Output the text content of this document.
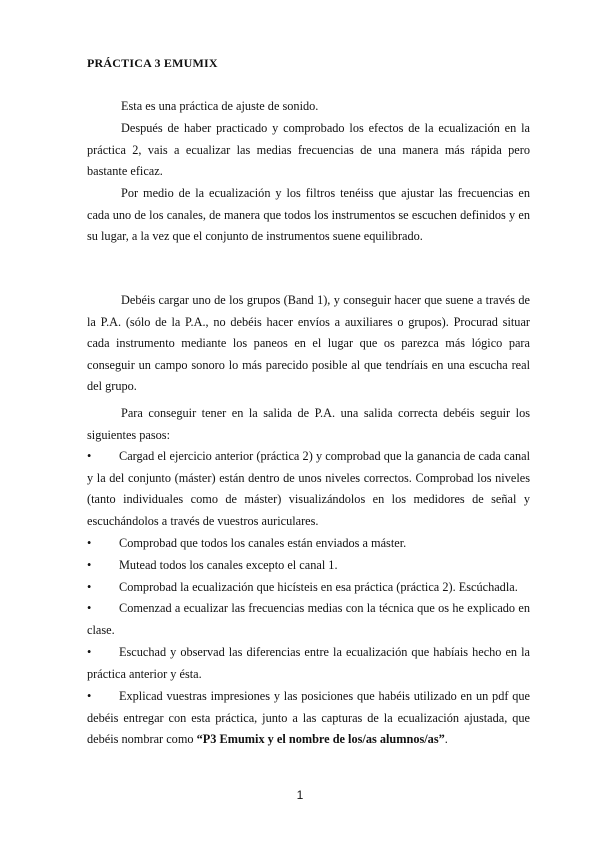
PRÁCTICA 3 EMUMIX

Esta es una práctica de ajuste de sonido.

Después de haber practicado y comprobado los efectos de la ecualización en la práctica 2, vais a ecualizar las medias frecuencias de una manera más rápida pero bastante eficaz.

Por medio de la ecualización y los filtros tenéiss que ajustar las frecuencias en cada uno de los canales, de manera que todos los instrumentos se escuchen definidos y en su lugar, a la vez que el conjunto de instrumentos suene equilibrado.

Debéis cargar uno de los grupos (Band 1), y conseguir hacer que suene a través de la P.A. (sólo de la P.A., no debéis hacer envíos a auxiliares o grupos). Procurad situar cada instrumento mediante los paneos en el lugar que os parezca más lógico para conseguir un campo sonoro lo más parecido posible al que tendríais en una escucha real del grupo.

Para conseguir tener en la salida de P.A. una salida correcta debéis seguir los siguientes pasos:

• Cargad el ejercicio anterior (práctica 2) y comprobad que la ganancia de cada canal y la del conjunto (máster) están dentro de unos niveles correctos. Comprobad los niveles (tanto individuales como de máster) visualizándolos en los medidores de señal y escuchándolos a través de vuestros auriculares.

• Comprobad que todos los canales están enviados a máster.

• Mutead todos los canales excepto el canal 1.

• Comprobad la ecualización que hicísteis en esa práctica (práctica 2). Escúchadla.

• Comenzad a ecualizar las frecuencias medias con la técnica que os he explicado en clase.

• Escuchad y observad las diferencias entre la ecualización que habíais hecho en la práctica anterior y ésta.

• Explicad vuestras impresiones y las posiciones que habéis utilizado en un pdf que debéis entregar con esta práctica, junto a las capturas de la ecualización ajustada, que debéis nombrar como “P3 Emumix y el nombre de los/as alumnos/as”.

1
